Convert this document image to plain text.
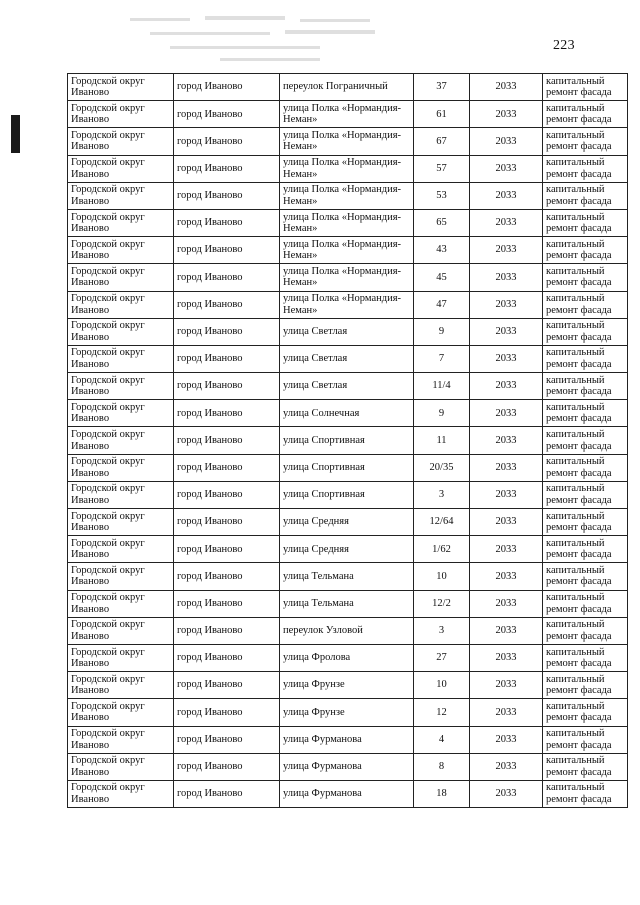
223
Городской округ Иваново	город Иваново	переулок Пограничный	37	2033	капитальный ремонт фасада
Городской округ Иваново	город Иваново	улица Полка «Нормандия-Неман»	61	2033	капитальный ремонт фасада
Городской округ Иваново	город Иваново	улица Полка «Нормандия-Неман»	67	2033	капитальный ремонт фасада
Городской округ Иваново	город Иваново	улица Полка «Нормандия-Неман»	57	2033	капитальный ремонт фасада
Городской округ Иваново	город Иваново	улица Полка «Нормандия-Неман»	53	2033	капитальный ремонт фасада
Городской округ Иваново	город Иваново	улица Полка «Нормандия-Неман»	65	2033	капитальный ремонт фасада
Городской округ Иваново	город Иваново	улица Полка «Нормандия-Неман»	43	2033	капитальный ремонт фасада
Городской округ Иваново	город Иваново	улица Полка «Нормандия-Неман»	45	2033	капитальный ремонт фасада
Городской округ Иваново	город Иваново	улица Полка «Нормандия-Неман»	47	2033	капитальный ремонт фасада
Городской округ Иваново	город Иваново	улица Светлая	9	2033	капитальный ремонт фасада
Городской округ Иваново	город Иваново	улица Светлая	7	2033	капитальный ремонт фасада
Городской округ Иваново	город Иваново	улица Светлая	11/4	2033	капитальный ремонт фасада
Городской округ Иваново	город Иваново	улица Солнечная	9	2033	капитальный ремонт фасада
Городской округ Иваново	город Иваново	улица Спортивная	11	2033	капитальный ремонт фасада
Городской округ Иваново	город Иваново	улица Спортивная	20/35	2033	капитальный ремонт фасада
Городской округ Иваново	город Иваново	улица Спортивная	3	2033	капитальный ремонт фасада
Городской округ Иваново	город Иваново	улица Средняя	12/64	2033	капитальный ремонт фасада
Городской округ Иваново	город Иваново	улица Средняя	1/62	2033	капитальный ремонт фасада
Городской округ Иваново	город Иваново	улица Тельмана	10	2033	капитальный ремонт фасада
Городской округ Иваново	город Иваново	улица Тельмана	12/2	2033	капитальный ремонт фасада
Городской округ Иваново	город Иваново	переулок Узловой	3	2033	капитальный ремонт фасада
Городской округ Иваново	город Иваново	улица Фролова	27	2033	капитальный ремонт фасада
Городской округ Иваново	город Иваново	улица Фрунзе	10	2033	капитальный ремонт фасада
Городской округ Иваново	город Иваново	улица Фрунзе	12	2033	капитальный ремонт фасада
Городской округ Иваново	город Иваново	улица Фурманова	4	2033	капитальный ремонт фасада
Городской округ Иваново	город Иваново	улица Фурманова	8	2033	капитальный ремонт фасада
Городской округ Иваново	город Иваново	улица Фурманова	18	2033	капитальный ремонт фасада
